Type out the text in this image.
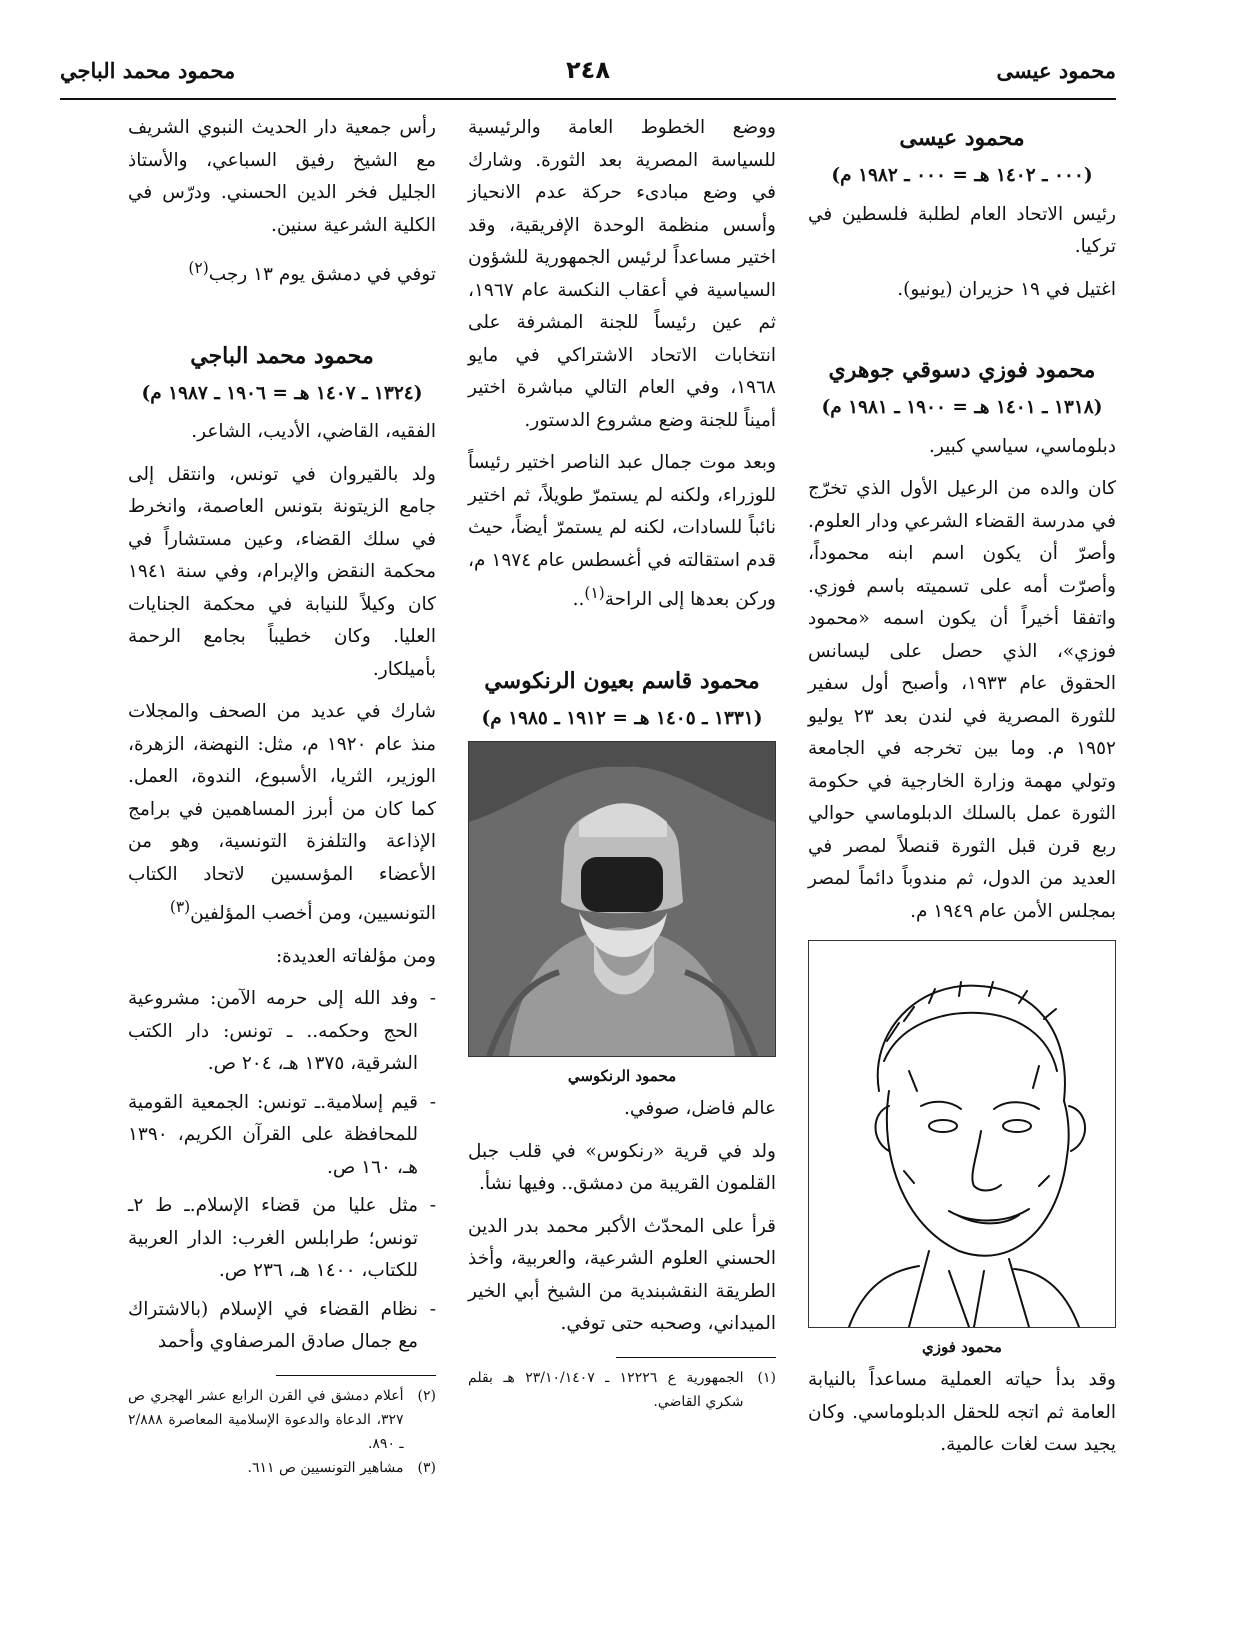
محمود عيسى
٢٤٨
محمود محمد الباجي
محمود عيسى
(٠٠٠ ـ ١٤٠٢ هـ = ٠٠٠ ـ ١٩٨٢ م)

رئيس الاتحاد العام لطلبة فلسطين في تركيا.

اغتيل في ١٩ حزيران (يونيو).

محمود فوزي دسوقي جوهري
(١٣١٨ ـ ١٤٠١ هـ = ١٩٠٠ ـ ١٩٨١ م)

دبلوماسي، سياسي كبير.

كان والده من الرعيل الأول الذي تخرّج في مدرسة القضاء الشرعي ودار العلوم. وأصرّ أن يكون اسم ابنه محموداً، وأصرّت أمه على تسميته باسم فوزي. واتفقا أخيراً أن يكون اسمه «محمود فوزي»، الذي حصل على ليسانس الحقوق عام ١٩٣٣، وأصبح أول سفير للثورة المصرية في لندن بعد ٢٣ يوليو ١٩٥٢ م. وما بين تخرجه في الجامعة وتولي مهمة وزارة الخارجية في حكومة الثورة عمل بالسلك الدبلوماسي حوالي ربع قرن قبل الثورة قنصلاً لمصر في العديد من الدول، ثم مندوباً دائماً لمصر بمجلس الأمن عام ١٩٤٩ م.

محمود فوزي

وقد بدأ حياته العملية مساعداً بالنيابة العامة ثم اتجه للحقل الدبلوماسي. وكان يجيد ست لغات عالمية.

ووضع الخطوط العامة والرئيسية للسياسة المصرية بعد الثورة. وشارك في وضع مبادىء حركة عدم الانحياز وأسس منظمة الوحدة الإفريقية، وقد اختير مساعداً لرئيس الجمهورية للشؤون السياسية في أعقاب النكسة عام ١٩٦٧، ثم عين رئيساً للجنة المشرفة على انتخابات الاتحاد الاشتراكي في مايو ١٩٦٨، وفي العام التالي مباشرة اختير أميناً للجنة وضع مشروع الدستور.

وبعد موت جمال عبد الناصر اختير رئيساً للوزراء، ولكنه لم يستمرّ طويلاً، ثم اختير نائباً للسادات، لكنه لم يستمرّ أيضاً، حيث قدم استقالته في أغسطس عام ١٩٧٤ م، وركن بعدها إلى الراحة$^{(١)}$..

محمود قاسم بعيون الرنكوسي
(١٣٣١ ـ ١٤٠٥ هـ = ١٩١٢ ـ ١٩٨٥ م)
محمود الرنكوسي

عالم فاضل، صوفي.

ولد في قرية «رنكوس» في قلب جبل القلمون القريبة من دمشق.. وفيها نشأ.

قرأ على المحدّث الأكبر محمد بدر الدين الحسني العلوم الشرعية، والعربية، وأخذ الطريقة النقشبندية من الشيخ أبي الخير الميداني، وصحبه حتى توفي.

(١)
الجمهورية ع ١٢٢٢٦ ـ ٢٣/١٠/١٤٠٧ هـ بقلم شكري القاضي.

رأس جمعية دار الحديث النبوي الشريف مع الشيخ رفيق السباعي، والأستاذ الجليل فخر الدين الحسني. ودرّس في الكلية الشرعية سنين.

توفي في دمشق يوم ١٣ رجب$^{(٢)}$

محمود محمد الباجي
(١٣٢٤ ـ ١٤٠٧ هـ = ١٩٠٦ ـ ١٩٨٧ م)

الفقيه، القاضي، الأديب، الشاعر.

ولد بالقيروان في تونس، وانتقل إلى جامع الزيتونة بتونس العاصمة، وانخرط في سلك القضاء، وعين مستشاراً في محكمة النقض والإبرام، وفي سنة ١٩٤١ كان وكيلاً للنيابة في محكمة الجنايات العليا. وكان خطيباً بجامع الرحمة بأميلكار.

شارك في عديد من الصحف والمجلات منذ عام ١٩٢٠ م، مثل: النهضة، الزهرة، الوزير، الثريا، الأسبوع، الندوة، العمل. كما كان من أبرز المساهمين في برامج الإذاعة والتلفزة التونسية، وهو من الأعضاء المؤسسين لاتحاد الكتاب التونسيين، ومن أخصب المؤلفين$^{(٣)}$

ومن مؤلفاته العديدة:

- وفد الله إلى حرمه الآمن: مشروعية الحج وحكمه.. ـ تونس: دار الكتب الشرقية، ١٣٧٥ هـ، ٢٠٤ ص.
- قيم إسلامية.ـ تونس: الجمعية القومية للمحافظة على القرآن الكريم، ١٣٩٠ هـ، ١٦٠ ص.
- مثل عليا من قضاء الإسلام.ـ ط ٢ـ تونس؛ طرابلس الغرب: الدار العربية للكتاب، ١٤٠٠ هـ، ٢٣٦ ص.
- نظام القضاء في الإسلام (بالاشتراك مع جمال صادق المرصفاوي وأحمد
(٢)
أعلام دمشق في القرن الرابع عشر الهجري ص ٣٢٧، الدعاة والدعوة الإسلامية المعاصرة ٢/٨٨٨ ـ ٨٩٠.
(٣)
مشاهير التونسيين ص ٦١١.
